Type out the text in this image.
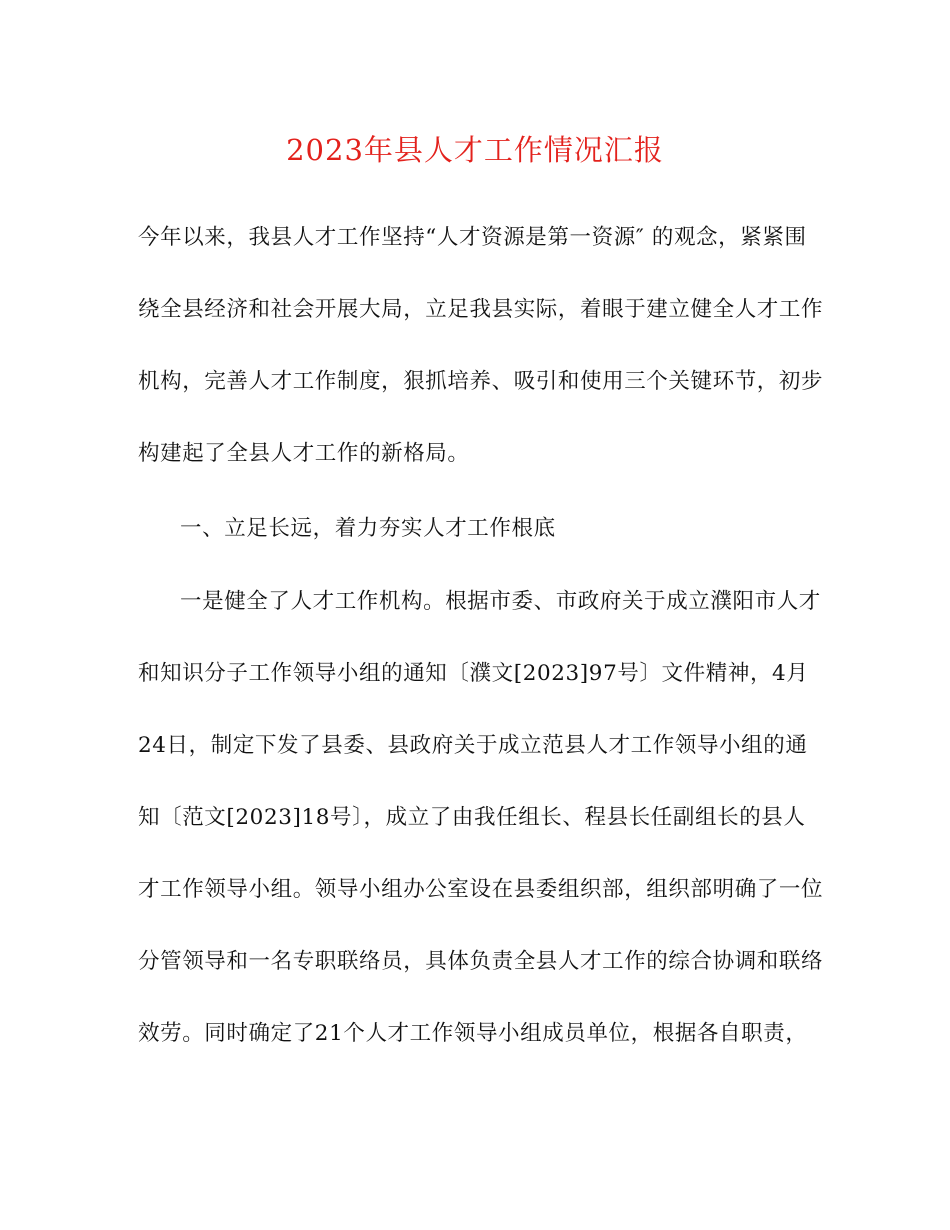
2023年县人才工作情况汇报
今年以来，我县人才工作坚持“人才资源是第一资源″ 的观念，紧紧围
绕全县经济和社会开展大局，立足我县实际，着眼于建立健全人才工作
机构，完善人才工作制度，狠抓培养、吸引和使用三个关键环节，初步
构建起了全县人才工作的新格局。
一、立足长远，着力夯实人才工作根底
一是健全了人才工作机构。根据市委、市政府关于成立濮阳市人才
和知识分子工作领导小组的通知〔濮文[2023]97号〕文件精神，4月
24日，制定下发了县委、县政府关于成立范县人才工作领导小组的通
知〔范文[2023]18号〕，成立了由我任组长、程县长任副组长的县人
才工作领导小组。领导小组办公室设在县委组织部，组织部明确了一位
分管领导和一名专职联络员，具体负责全县人才工作的综合协调和联络
效劳。同时确定了21个人才工作领导小组成员单位，根据各自职责，
